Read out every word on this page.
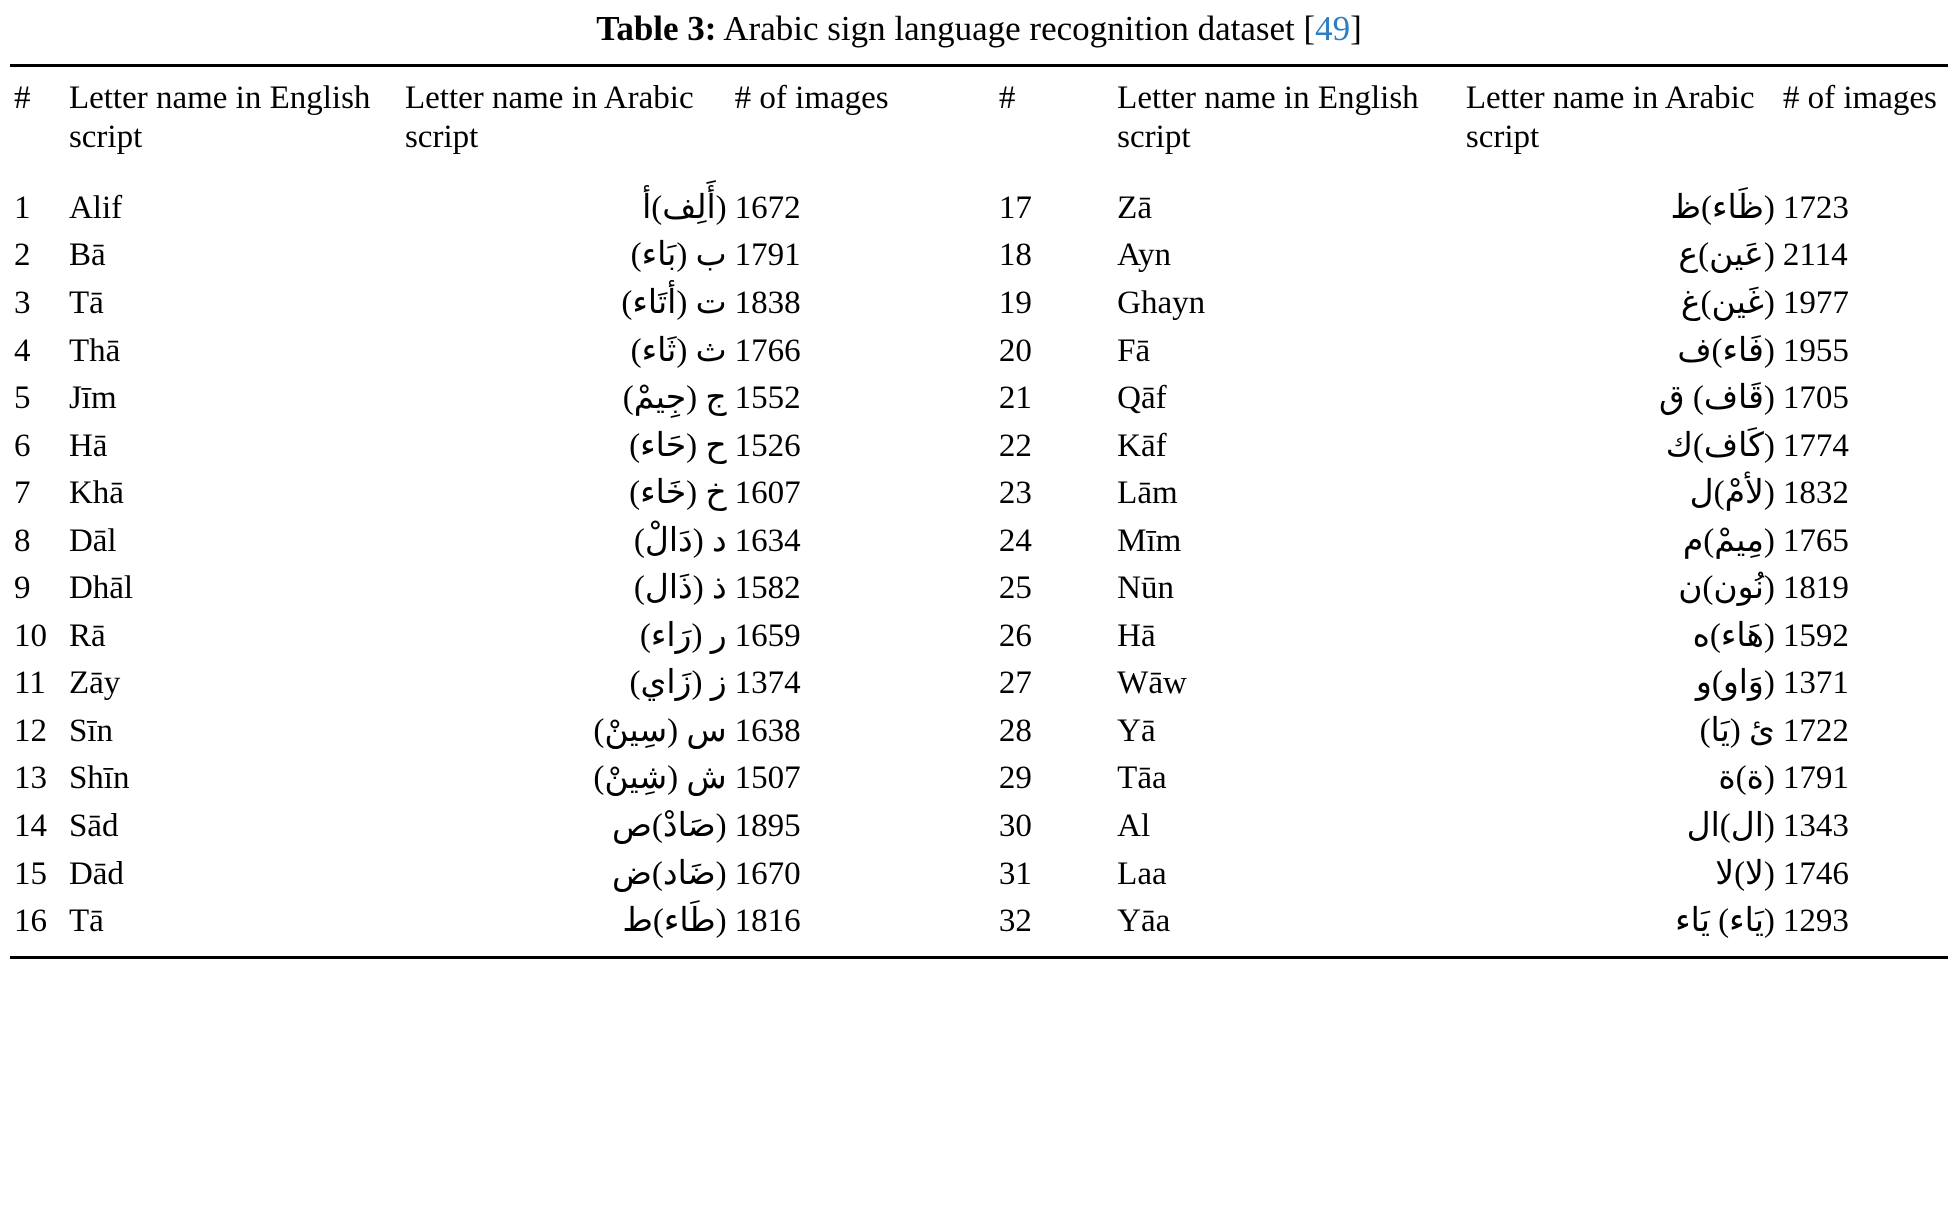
Table 3: Arabic sign language recognition dataset [49]
#	Letter name in English script	Letter name in Arabic script	# of images	#	Letter name in English script	Letter name in Arabic script	# of images
1	Alif	(أَلِف)أ	1672	17	Zā	(ظَاء)ظ	1723
2	Bā	ب (بَاء)	1791	18	Ayn	(عَين)ع	2114
3	Tā	ت (أتَاء)	1838	19	Ghayn	(غَين)غ	1977
4	Thā	ث (ثَاء)	1766	20	Fā	(فَاء)ف	1955
5	Jīm	ج (جِيمْ)	1552	21	Qāf	(قَاف) ق	1705
6	Hā	ح (حَاء)	1526	22	Kāf	(كَاف)ك	1774
7	Khā	خ (خَاء)	1607	23	Lām	(لأمْ)ل	1832
8	Dāl	د (دَالْ)	1634	24	Mīm	(مِيمْ)م	1765
9	Dhāl	ذ (ذَال)	1582	25	Nūn	(نُون)ن	1819
10	Rā	ر (رَاء)	1659	26	Hā	(هَاء)ه	1592
11	Zāy	ز (زَاي)	1374	27	Wāw	(وَاو)و	1371
12	Sīn	س (سِينْ)	1638	28	Yā	ئ (يَا)	1722
13	Shīn	ش (شِينْ)	1507	29	Tāa	(ة)ة	1791
14	Sād	(صَادْ)ص	1895	30	Al	(ال)ال	1343
15	Dād	(ضَاد)ض	1670	31	Laa	(لا)لا	1746
16	Tā	(طَاء)ط	1816	32	Yāa	(يَاء) يَاء	1293
